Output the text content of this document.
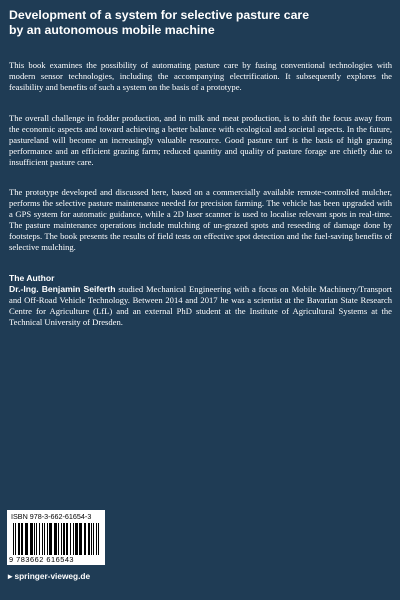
Development of a system for selective pasture care
by an autonomous mobile machine

This book examines the possibility of automating pasture care by fusing conventional technologies with modern sensor technologies, including the accompanying electrification. It subsequently explores the feasibility and benefits of such a system on the basis of a prototype.

The overall challenge in fodder production, and in milk and meat production, is to shift the focus away from the economic aspects and toward achieving a better balance with ecological and societal aspects. In the future, pastureland will become an increasingly valuable resource. Good pasture turf is the basis of high grazing performance and an efficient grazing farm; reduced quantity and quality of pasture forage are chiefly due to insufficient pasture care.

The prototype developed and discussed here, based on a commercially available remote-controlled mulcher, performs the selective pasture maintenance needed for precision farming. The vehicle has been upgraded with a GPS system for automatic guidance, while a 2D laser scanner is used to localise relevant spots in real-time. The pasture maintenance operations include mulching of un-grazed spots and reseeding of damage done by footsteps. The book presents the results of field tests on effective spot detection and the fuel-saving benefits of selective mulching.

The Author

Dr.-Ing. Benjamin Seiferth studied Mechanical Engineering with a focus on Mobile Machinery/Transport and Off-Road Vehicle Technology. Between 2014 and 2017 he was a scientist at the Bavarian State Research Centre for Agriculture (LfL) and an external PhD student at the Institute of Agricultural Systems at the Technical University of Dresden.

ISBN 978-3-662-61654-3
9 783662 616543
▸ springer-vieweg.de
